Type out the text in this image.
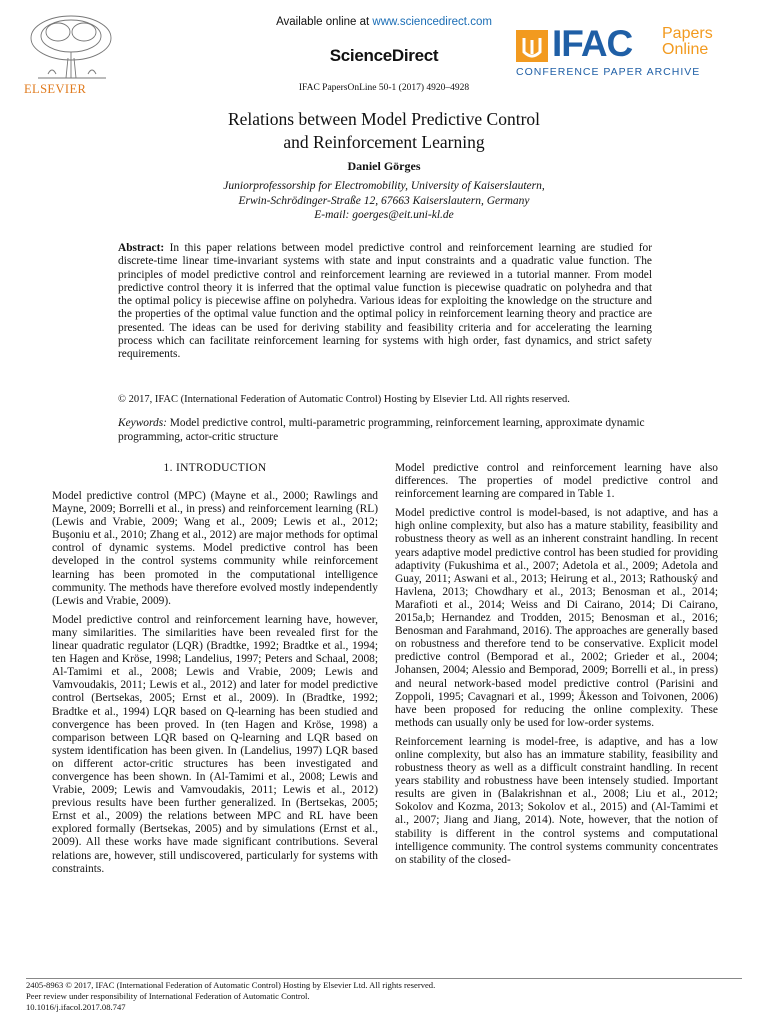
ELSEVIER
Available online at www.sciencedirect.com
ScienceDirect
IFAC PapersOnLine 50-1 (2017) 4920–4928
IFAC Papers
Online
CONFERENCE PAPER ARCHIVE
Relations between Model Predictive Control
and Reinforcement Learning
Daniel Görges
Juniorprofessorship for Electromobility, University of Kaiserslautern,
Erwin-Schrödinger-Straße 12, 67663 Kaiserslautern, Germany
E-mail: goerges@eit.uni-kl.de
Abstract: In this paper relations between model predictive control and reinforcement learning are studied for discrete-time linear time-invariant systems with state and input constraints and a quadratic value function. The principles of model predictive control and reinforcement learning are reviewed in a tutorial manner. From model predictive control theory it is inferred that the optimal value function is piecewise quadratic on polyhedra and that the optimal policy is piecewise affine on polyhedra. Various ideas for exploiting the knowledge on the structure and the properties of the optimal value function and the optimal policy in reinforcement learning theory and practice are presented. The ideas can be used for deriving stability and feasibility criteria and for accelerating the learning process which can facilitate reinforcement learning for systems with high order, fast dynamics, and strict safety requirements.
© 2017, IFAC (International Federation of Automatic Control) Hosting by Elsevier Ltd. All rights reserved.
Keywords: Model predictive control, multi-parametric programming, reinforcement learning, approximate dynamic programming, actor-critic structure
1. INTRODUCTION

Model predictive control (MPC) (Mayne et al., 2000; Rawlings and Mayne, 2009; Borrelli et al., in press) and reinforcement learning (RL) (Lewis and Vrabie, 2009; Wang et al., 2009; Lewis et al., 2012; Buşoniu et al., 2010; Zhang et al., 2012) are major methods for optimal control of dynamic systems. Model predictive control has been developed in the control systems community while reinforcement learning has been promoted in the computational intelligence community. The methods have therefore evolved mostly independently (Lewis and Vrabie, 2009).

Model predictive control and reinforcement learning have, however, many similarities. The similarities have been revealed first for the linear quadratic regulator (LQR) (Bradtke, 1992; Bradtke et al., 1994; ten Hagen and Kröse, 1998; Landelius, 1997; Peters and Schaal, 2008; Al-Tamimi et al., 2008; Lewis and Vrabie, 2009; Lewis and Vamvoudakis, 2011; Lewis et al., 2012) and later for model predictive control (Bertsekas, 2005; Ernst et al., 2009). In (Bradtke, 1992; Bradtke et al., 1994) LQR based on Q-learning has been studied and convergence has been proved. In (ten Hagen and Kröse, 1998) a comparison between LQR based on Q-learning and LQR based on system identification has been given. In (Landelius, 1997) LQR based on different actor-critic structures has been investigated and convergence has been shown. In (Al-Tamimi et al., 2008; Lewis and Vrabie, 2009; Lewis and Vamvoudakis, 2011; Lewis et al., 2012) previous results have been further generalized. In (Bertsekas, 2005; Ernst et al., 2009) the relations between MPC and RL have been explored formally (Bertsekas, 2005) and by simulations (Ernst et al., 2009). All these works have made significant contributions. Several relations are, however, still undiscovered, particularly for systems with constraints.

Model predictive control and reinforcement learning have also differences. The properties of model predictive control and reinforcement learning are compared in Table 1.

Model predictive control is model-based, is not adaptive, and has a high online complexity, but also has a mature stability, feasibility and robustness theory as well as an inherent constraint handling. In recent years adaptive model predictive control has been studied for providing adaptivity (Fukushima et al., 2007; Adetola et al., 2009; Adetola and Guay, 2011; Aswani et al., 2013; Heirung et al., 2013; Rathouský and Havlena, 2013; Chowdhary et al., 2013; Benosman et al., 2014; Marafioti et al., 2014; Weiss and Di Cairano, 2014; Di Cairano, 2015a,b; Hernandez and Trodden, 2015; Benosman et al., 2016; Benosman and Farahmand, 2016). The approaches are generally based on robustness and therefore tend to be conservative. Explicit model predictive control (Bemporad et al., 2002; Grieder et al., 2004; Johansen, 2004; Alessio and Bemporad, 2009; Borrelli et al., in press) and neural network-based model predictive control (Parisini and Zoppoli, 1995; Cavagnari et al., 1999; Åkesson and Toivonen, 2006) have been proposed for reducing the online complexity. These methods can usually only be used for low-order systems.

Reinforcement learning is model-free, is adaptive, and has a low online complexity, but also has an immature stability, feasibility and robustness theory as well as a difficult constraint handling. In recent years stability and robustness have been intensely studied. Important results are given in (Balakrishnan et al., 2008; Liu et al., 2012; Sokolov and Kozma, 2013; Sokolov et al., 2015) and (Al-Tamimi et al., 2007; Jiang and Jiang, 2014). Note, however, that the notion of stability is different in the control systems and computational intelligence community. The control systems community concentrates on stability of the closed-

2405-8963 © 2017, IFAC (International Federation of Automatic Control) Hosting by Elsevier Ltd. All rights reserved.
Peer review under responsibility of International Federation of Automatic Control.
10.1016/j.ifacol.2017.08.747
